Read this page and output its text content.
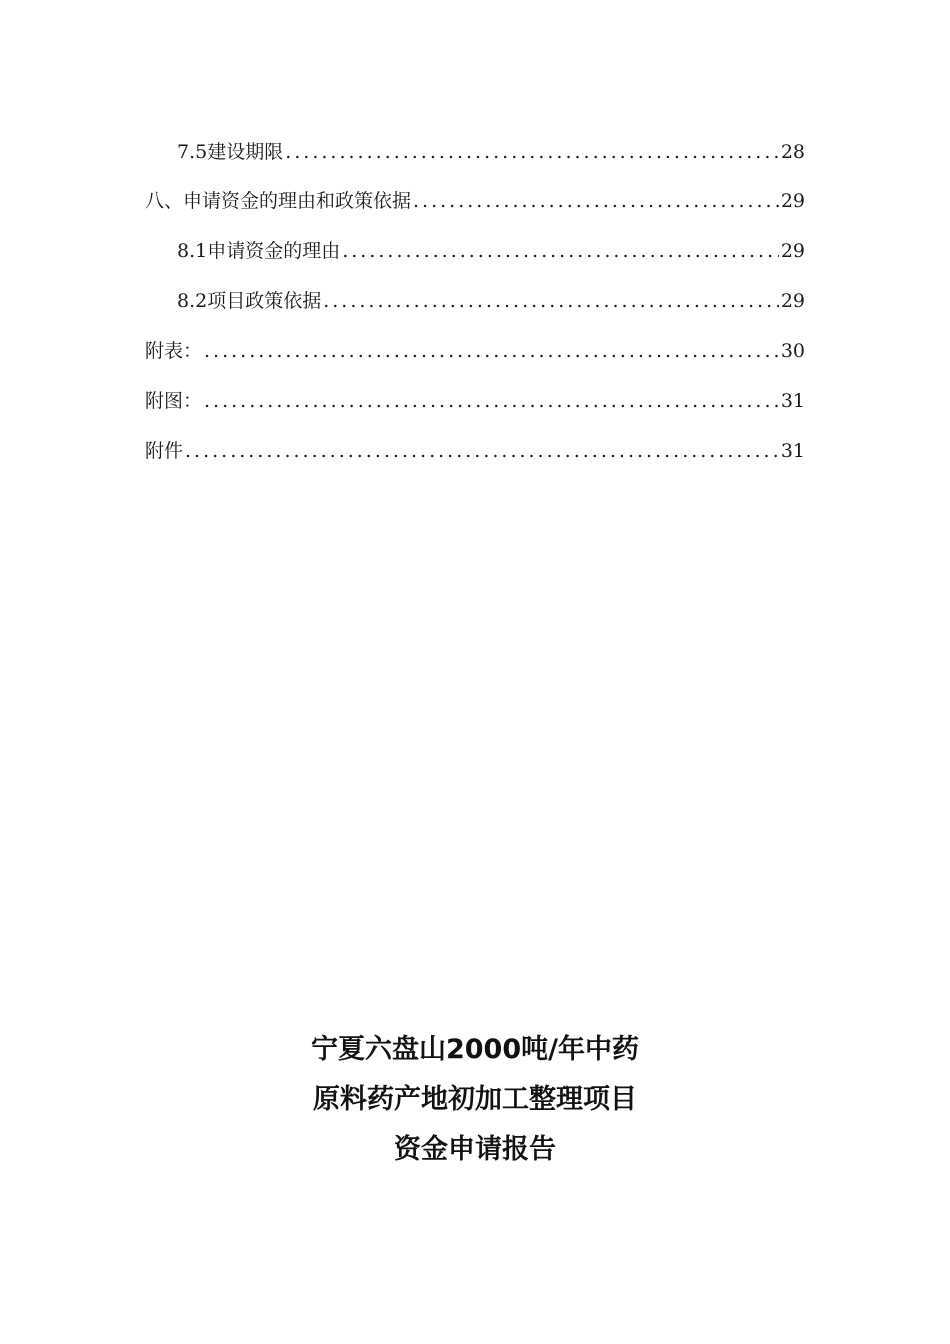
7.5建设期限 .....	28
八、申请资金的理由和政策依据 .....	29
8.1申请资金的理由 .....	29
8.2项目政策依据 .....	29
附表： .....	30
附图： .....	31
附件 .....	31
宁夏六盘山2000吨/年中药
原料药产地初加工整理项目
资金申请报告
